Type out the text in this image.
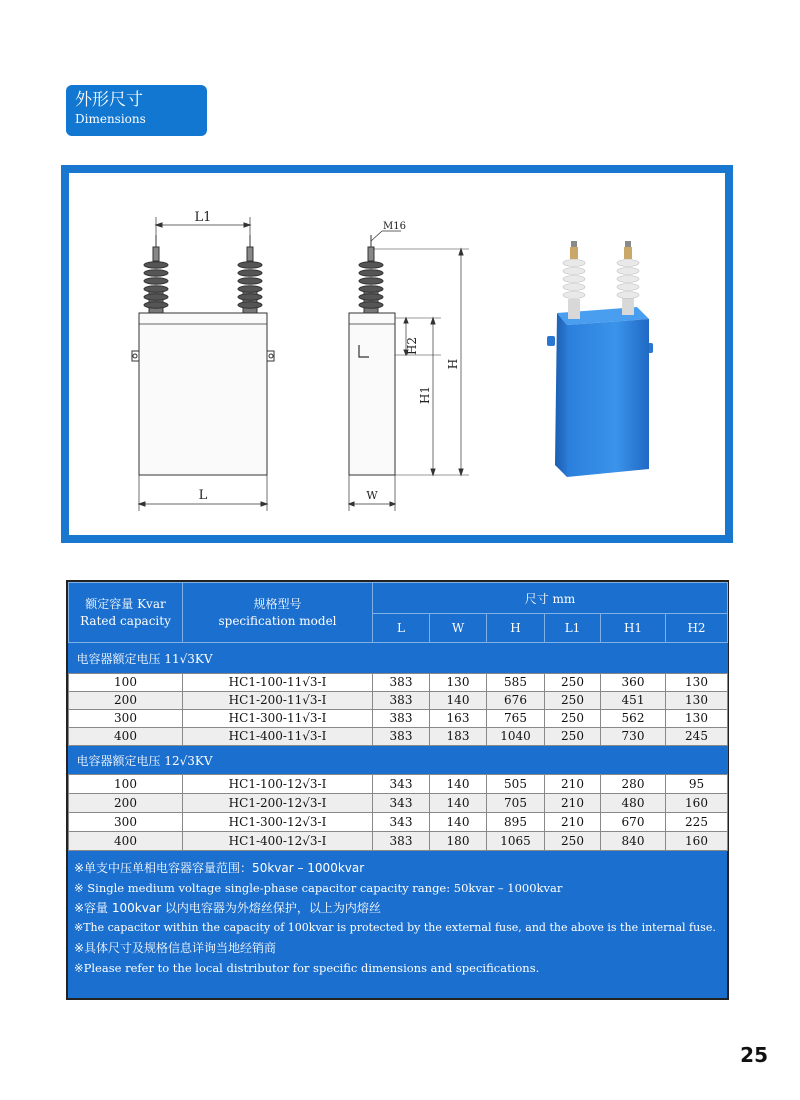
外形尺寸
Dimensions
L1
L
M16
H2
H1
H
W
额定容量 Kvar
Rated capacity	规格型号
specification model	尺寸 mm					
		L	W	H	L1	H1	H2
电容器额定电压 11√3KV							
100	HC1-100-11√3-I	383	130	585	250	360	130
200	HC1-200-11√3-I	383	140	676	250	451	130
300	HC1-300-11√3-I	383	163	765	250	562	130
400	HC1-400-11√3-I	383	183	1040	250	730	245
电容器额定电压 12√3KV							
100	HC1-100-12√3-I	343	140	505	210	280	95
200	HC1-200-12√3-I	343	140	705	210	480	160
300	HC1-300-12√3-I	343	140	895	210	670	225
400	HC1-400-12√3-I	383	180	1065	250	840	160
※单支中压单相电容器容量范围：50kvar – 1000kvar
※ Single medium voltage single-phase capacitor capacity range: 50kvar – 1000kvar
※容量 100kvar 以内电容器为外熔丝保护，以上为内熔丝
※The capacitor within the capacity of 100kvar is protected by the external fuse, and the above is the internal fuse.
※具体尺寸及规格信息详询当地经销商
※Please refer to the local distributor for specific dimensions and specifications.
25
